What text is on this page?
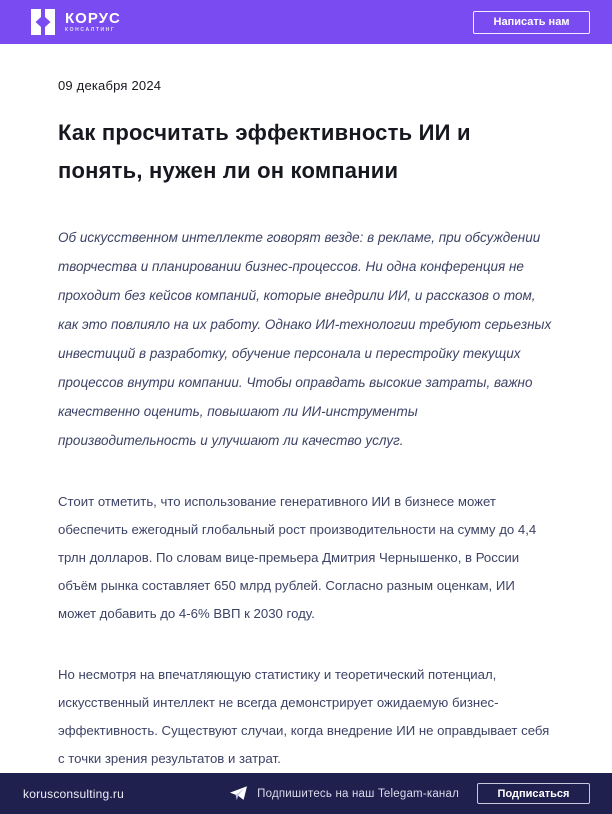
КОРУС
КОНСАЛТИНГ
Написать нам
09 декабря 2024
Как просчитать эффективность ИИ и понять, нужен ли он компании

Об искусственном интеллекте говорят везде: в рекламе, при обсуждении творчества и планировании бизнес-процессов. Ни одна конференция не проходит без кейсов компаний, которые внедрили ИИ, и рассказов о том, как это повлияло на их работу. Однако ИИ-технологии требуют серьезных инвестиций в разработку, обучение персонала и перестройку текущих процессов внутри компании. Чтобы оправдать высокие затраты, важно качественно оценить, повышают ли ИИ-инструменты производительность и улучшают ли качество услуг.

Стоит отметить, что использование генеративного ИИ в бизнесе может обеспечить ежегодный глобальный рост производительности на сумму до 4,4 трлн долларов. По словам вице-премьера Дмитрия Чернышенко, в России объём рынка составляет 650 млрд рублей. Согласно разным оценкам, ИИ может добавить до 4-6% ВВП к 2030 году.

Но несмотря на впечатляющую статистику и теоретический потенциал, искусственный интеллект не всегда демонстрирует ожидаемую бизнес-эффективность. Существуют случаи, когда внедрение ИИ не оправдывает себя с точки зрения результатов и затрат.

korusconsulting.ru	Подпишитесь на наш Telegam-канал	Подписаться
